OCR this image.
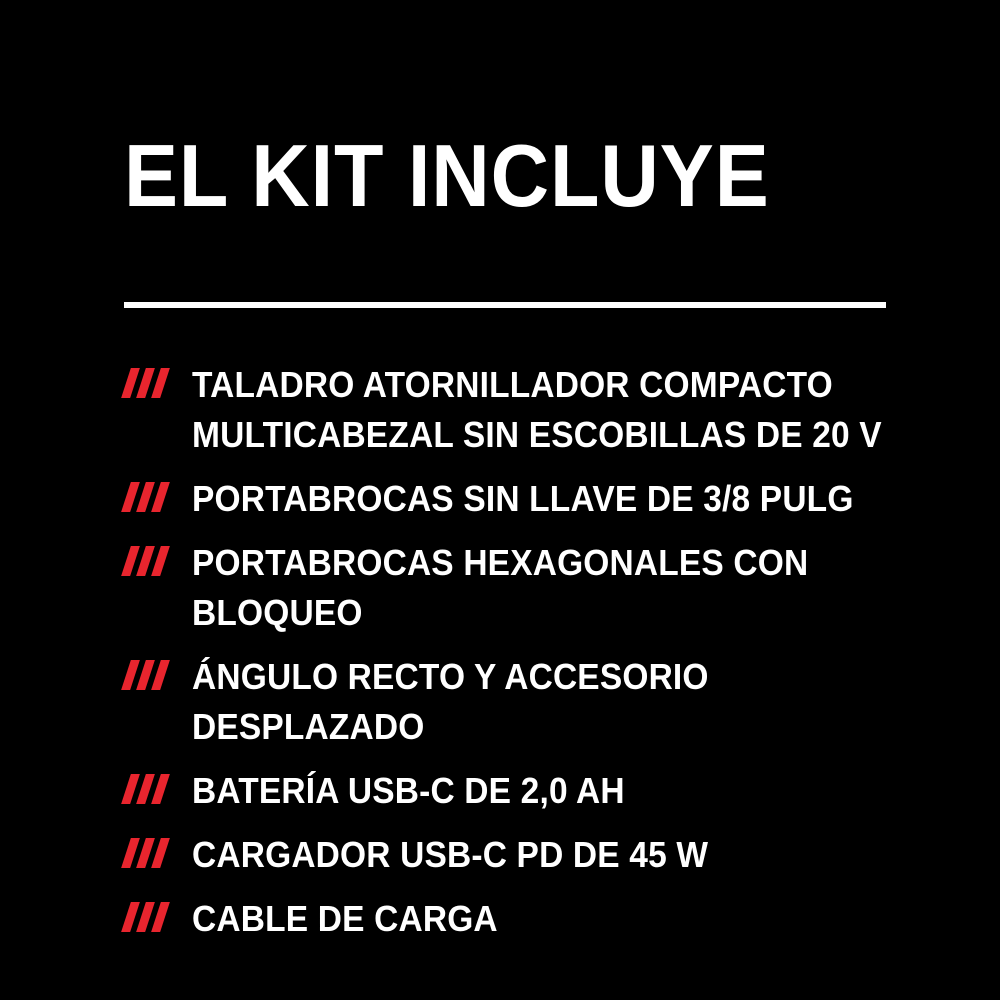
EL KIT INCLUYE
TALADRO ATORNILLADOR COMPACTO MULTICABEZAL SIN ESCOBILLAS DE 20 V
PORTABROCAS SIN LLAVE DE 3/8 PULG
PORTABROCAS HEXAGONALES CON BLOQUEO
ÁNGULO RECTO Y ACCESORIO DESPLAZADO
BATERÍA USB-C DE 2,0 AH
CARGADOR USB-C PD DE 45 W
CABLE DE CARGA
